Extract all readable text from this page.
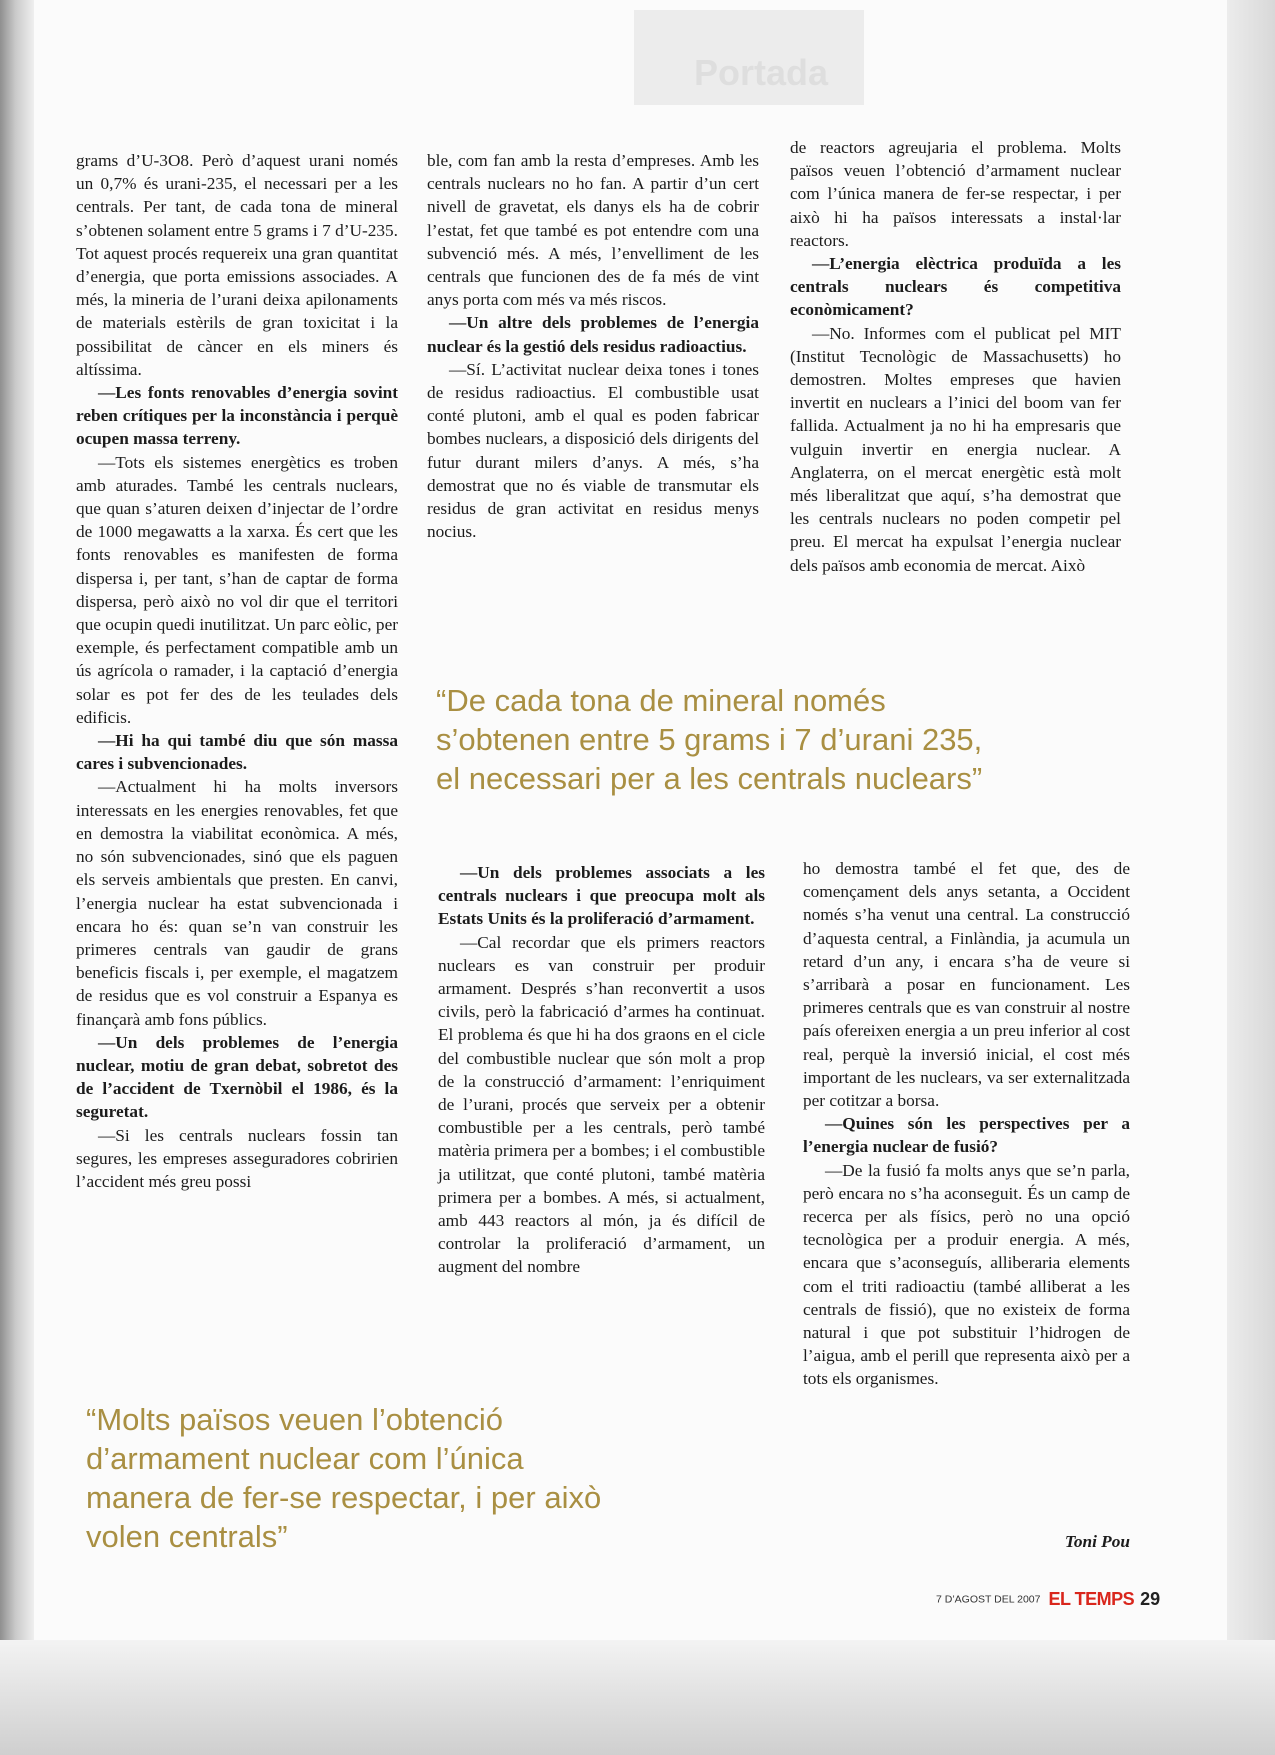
Portada

grams d’U-3O8. Però d’aquest urani només un 0,7% és urani-235, el necessari per a les centrals. Per tant, de cada tona de mineral s’obtenen solament entre 5 grams i 7 d’U-235. Tot aquest procés requereix una gran quantitat d’energia, que porta emissions associades. A més, la mineria de l’urani deixa apilonaments de materials estèrils de gran toxicitat i la possibilitat de càncer en els miners és altíssima.

—Les fonts renovables d’energia sovint reben crítiques per la inconstància i perquè ocupen massa terreny.

—Tots els sistemes energètics es troben amb aturades. També les centrals nuclears, que quan s’aturen deixen d’injectar de l’ordre de 1000 megawatts a la xarxa. És cert que les fonts renovables es manifesten de forma dispersa i, per tant, s’han de captar de forma dispersa, però això no vol dir que el territori que ocupin quedi inutilitzat. Un parc eòlic, per exemple, és perfectament compatible amb un ús agrícola o ramader, i la captació d’energia solar es pot fer des de les teulades dels edificis.

—Hi ha qui també diu que són massa cares i subvencionades.

—Actualment hi ha molts inversors interessats en les energies renovables, fet que en demostra la viabilitat econòmica. A més, no són subvencionades, sinó que els paguen els serveis ambientals que presten. En canvi, l’energia nuclear ha estat subvencionada i encara ho és: quan se’n van construir les primeres centrals van gaudir de grans beneficis fiscals i, per exemple, el magatzem de residus que es vol construir a Espanya es finançarà amb fons públics.

—Un dels problemes de l’energia nuclear, motiu de gran debat, sobretot des de l’accident de Txernòbil el 1986, és la seguretat.

—Si les centrals nuclears fossin tan segures, les empreses asseguradores cobririen l’accident més greu possi

ble, com fan amb la resta d’empreses. Amb les centrals nuclears no ho fan. A partir d’un cert nivell de gravetat, els danys els ha de cobrir l’estat, fet que també es pot entendre com una subvenció més. A més, l’envelliment de les centrals que funcionen des de fa més de vint anys porta com més va més riscos.

—Un altre dels problemes de l’energia nuclear és la gestió dels residus radioactius.

—Sí. L’activitat nuclear deixa tones i tones de residus radioactius. El combustible usat conté plutoni, amb el qual es poden fabricar bombes nuclears, a disposició dels dirigents del futur durant milers d’anys. A més, s’ha demostrat que no és viable de transmutar els residus de gran activitat en residus menys nocius.

de reactors agreujaria el problema. Molts països veuen l’obtenció d’armament nuclear com l’única manera de fer-se respectar, i per això hi ha països interessats a instal·lar reactors.

—L’energia elèctrica produïda a les centrals nuclears és competitiva econòmicament?

—No. Informes com el publicat pel MIT (Institut Tecnològic de Massachusetts) ho demostren. Moltes empreses que havien invertit en nuclears a l’inici del boom van fer fallida. Actualment ja no hi ha empresaris que vulguin invertir en energia nuclear. A Anglaterra, on el mercat energètic està molt més liberalitzat que aquí, s’ha demostrat que les centrals nuclears no poden competir pel preu. El mercat ha expulsat l’energia nuclear dels països amb economia de mercat. Això

“De cada tona de mineral només
s’obtenen entre 5 grams i 7 d’urani 235,
el necessari per a les centrals nuclears”

—Un dels problemes associats a les centrals nuclears i que preocupa molt als Estats Units és la proliferació d’armament.

—Cal recordar que els primers reactors nuclears es van construir per produir armament. Després s’han reconvertit a usos civils, però la fabricació d’armes ha continuat. El problema és que hi ha dos graons en el cicle del combustible nuclear que són molt a prop de la construcció d’armament: l’enriquiment de l’urani, procés que serveix per a obtenir combustible per a les centrals, però també matèria primera per a bombes; i el combustible ja utilitzat, que conté plutoni, també matèria primera per a bombes. A més, si actualment, amb 443 reactors al món, ja és difícil de controlar la proliferació d’armament, un augment del nombre

ho demostra també el fet que, des de començament dels anys setanta, a Occident només s’ha venut una central. La construcció d’aquesta central, a Finlàndia, ja acumula un retard d’un any, i encara s’ha de veure si s’arribarà a posar en funcionament. Les primeres centrals que es van construir al nostre país ofereixen energia a un preu inferior al cost real, perquè la inversió inicial, el cost més important de les nuclears, va ser externalitzada per cotitzar a borsa.

—Quines són les perspectives per a l’energia nuclear de fusió?

—De la fusió fa molts anys que se’n parla, però encara no s’ha aconseguit. És un camp de recerca per als físics, però no una opció tecnològica per a produir energia. A més, encara que s’aconseguís, alliberaria elements com el triti radioactiu (també alliberat a les centrals de fissió), que no existeix de forma natural i que pot substituir l’hidrogen de l’aigua, amb el perill que representa això per a tots els organismes.

Toni Pou

“Molts països veuen l’obtenció
d’armament nuclear com l’única
manera de fer-se respectar, i per això
volen centrals”
7 D’AGOST DEL 2007 EL TEMPS 29
